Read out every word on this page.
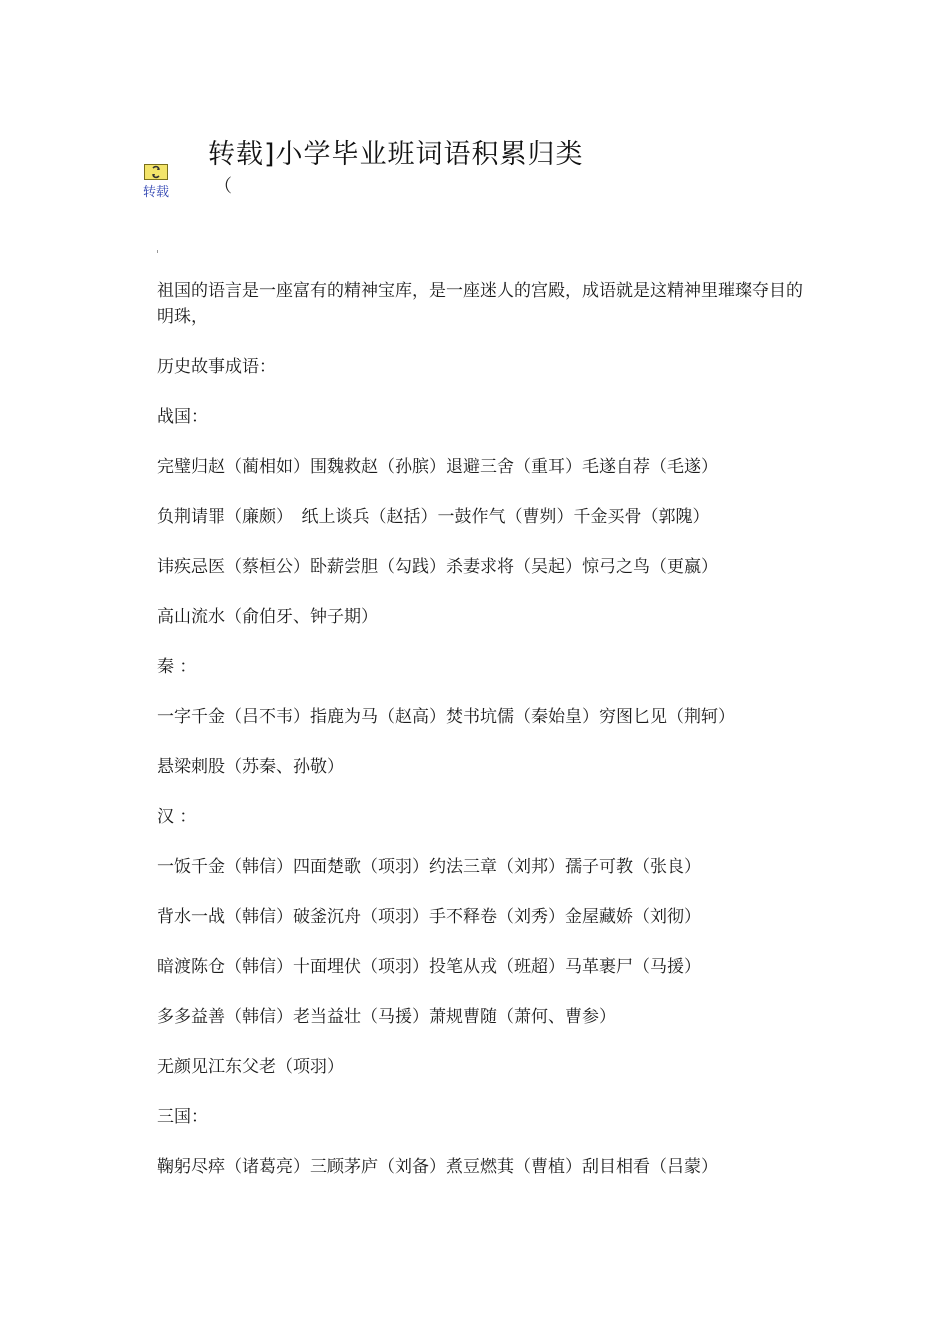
转载]小学毕业班词语积累归类
转载	（

祖国的语言是一座富有的精神宝库，是一座迷人的宫殿，成语就是这精神里璀璨夺目的明珠，

历史故事成语：

战国：

完璧归赵（蔺相如）围魏救赵（孙膑）退避三舍（重耳）毛遂自荐（毛遂）

负荆请罪（廉颇）　纸上谈兵（赵括）一鼓作气（曹刿）千金买骨（郭隗）

讳疾忌医（蔡桓公）卧薪尝胆（勾践）杀妻求将（吴起）惊弓之鸟（更嬴）

高山流水（俞伯牙、钟子期）

秦 ：

一字千金（吕不韦）指鹿为马（赵高）焚书坑儒（秦始皇）穷图匕见（荆轲）

悬梁刺股（苏秦、孙敬）

汉 ：

一饭千金（韩信）四面楚歌（项羽）约法三章（刘邦）孺子可教（张良）

背水一战（韩信）破釜沉舟（项羽）手不释卷（刘秀）金屋藏娇（刘彻）

暗渡陈仓（韩信）十面埋伏（项羽）投笔从戎（班超）马革裹尸（马援）

多多益善（韩信）老当益壮（马援）萧规曹随（萧何、曹参）

无颜见江东父老（项羽）

三国：

鞠躬尽瘁（诸葛亮）三顾茅庐（刘备）煮豆燃萁（曹植）刮目相看（吕蒙）
